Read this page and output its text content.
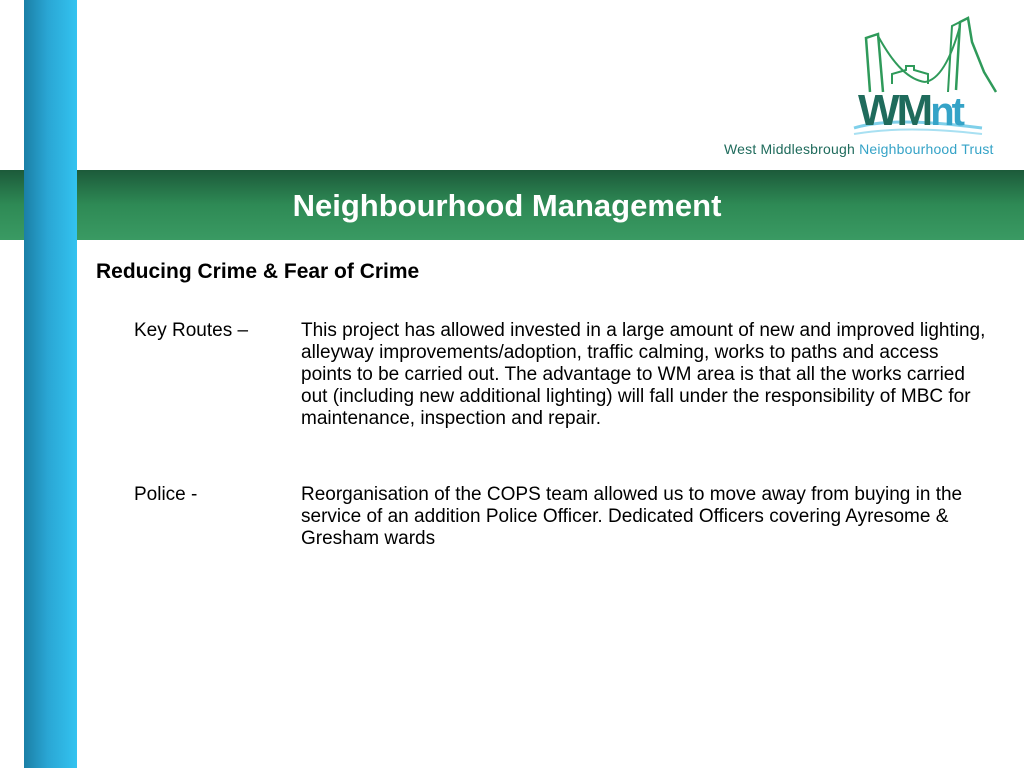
Neighbourhood Management
WMnt
West Middlesbrough Neighbourhood Trust
Reducing Crime & Fear of Crime
Key Routes –	This project has allowed invested in a large amount of new and improved lighting, alleyway improvements/adoption, traffic calming, works to paths and access points to be carried out. The advantage to WM area is that all the works carried out (including new additional lighting) will fall under the responsibility of MBC for maintenance, inspection and repair.
Police -	Reorganisation of the COPS team allowed us to move away from buying in the service of an addition Police Officer. Dedicated Officers covering Ayresome & Gresham wards
